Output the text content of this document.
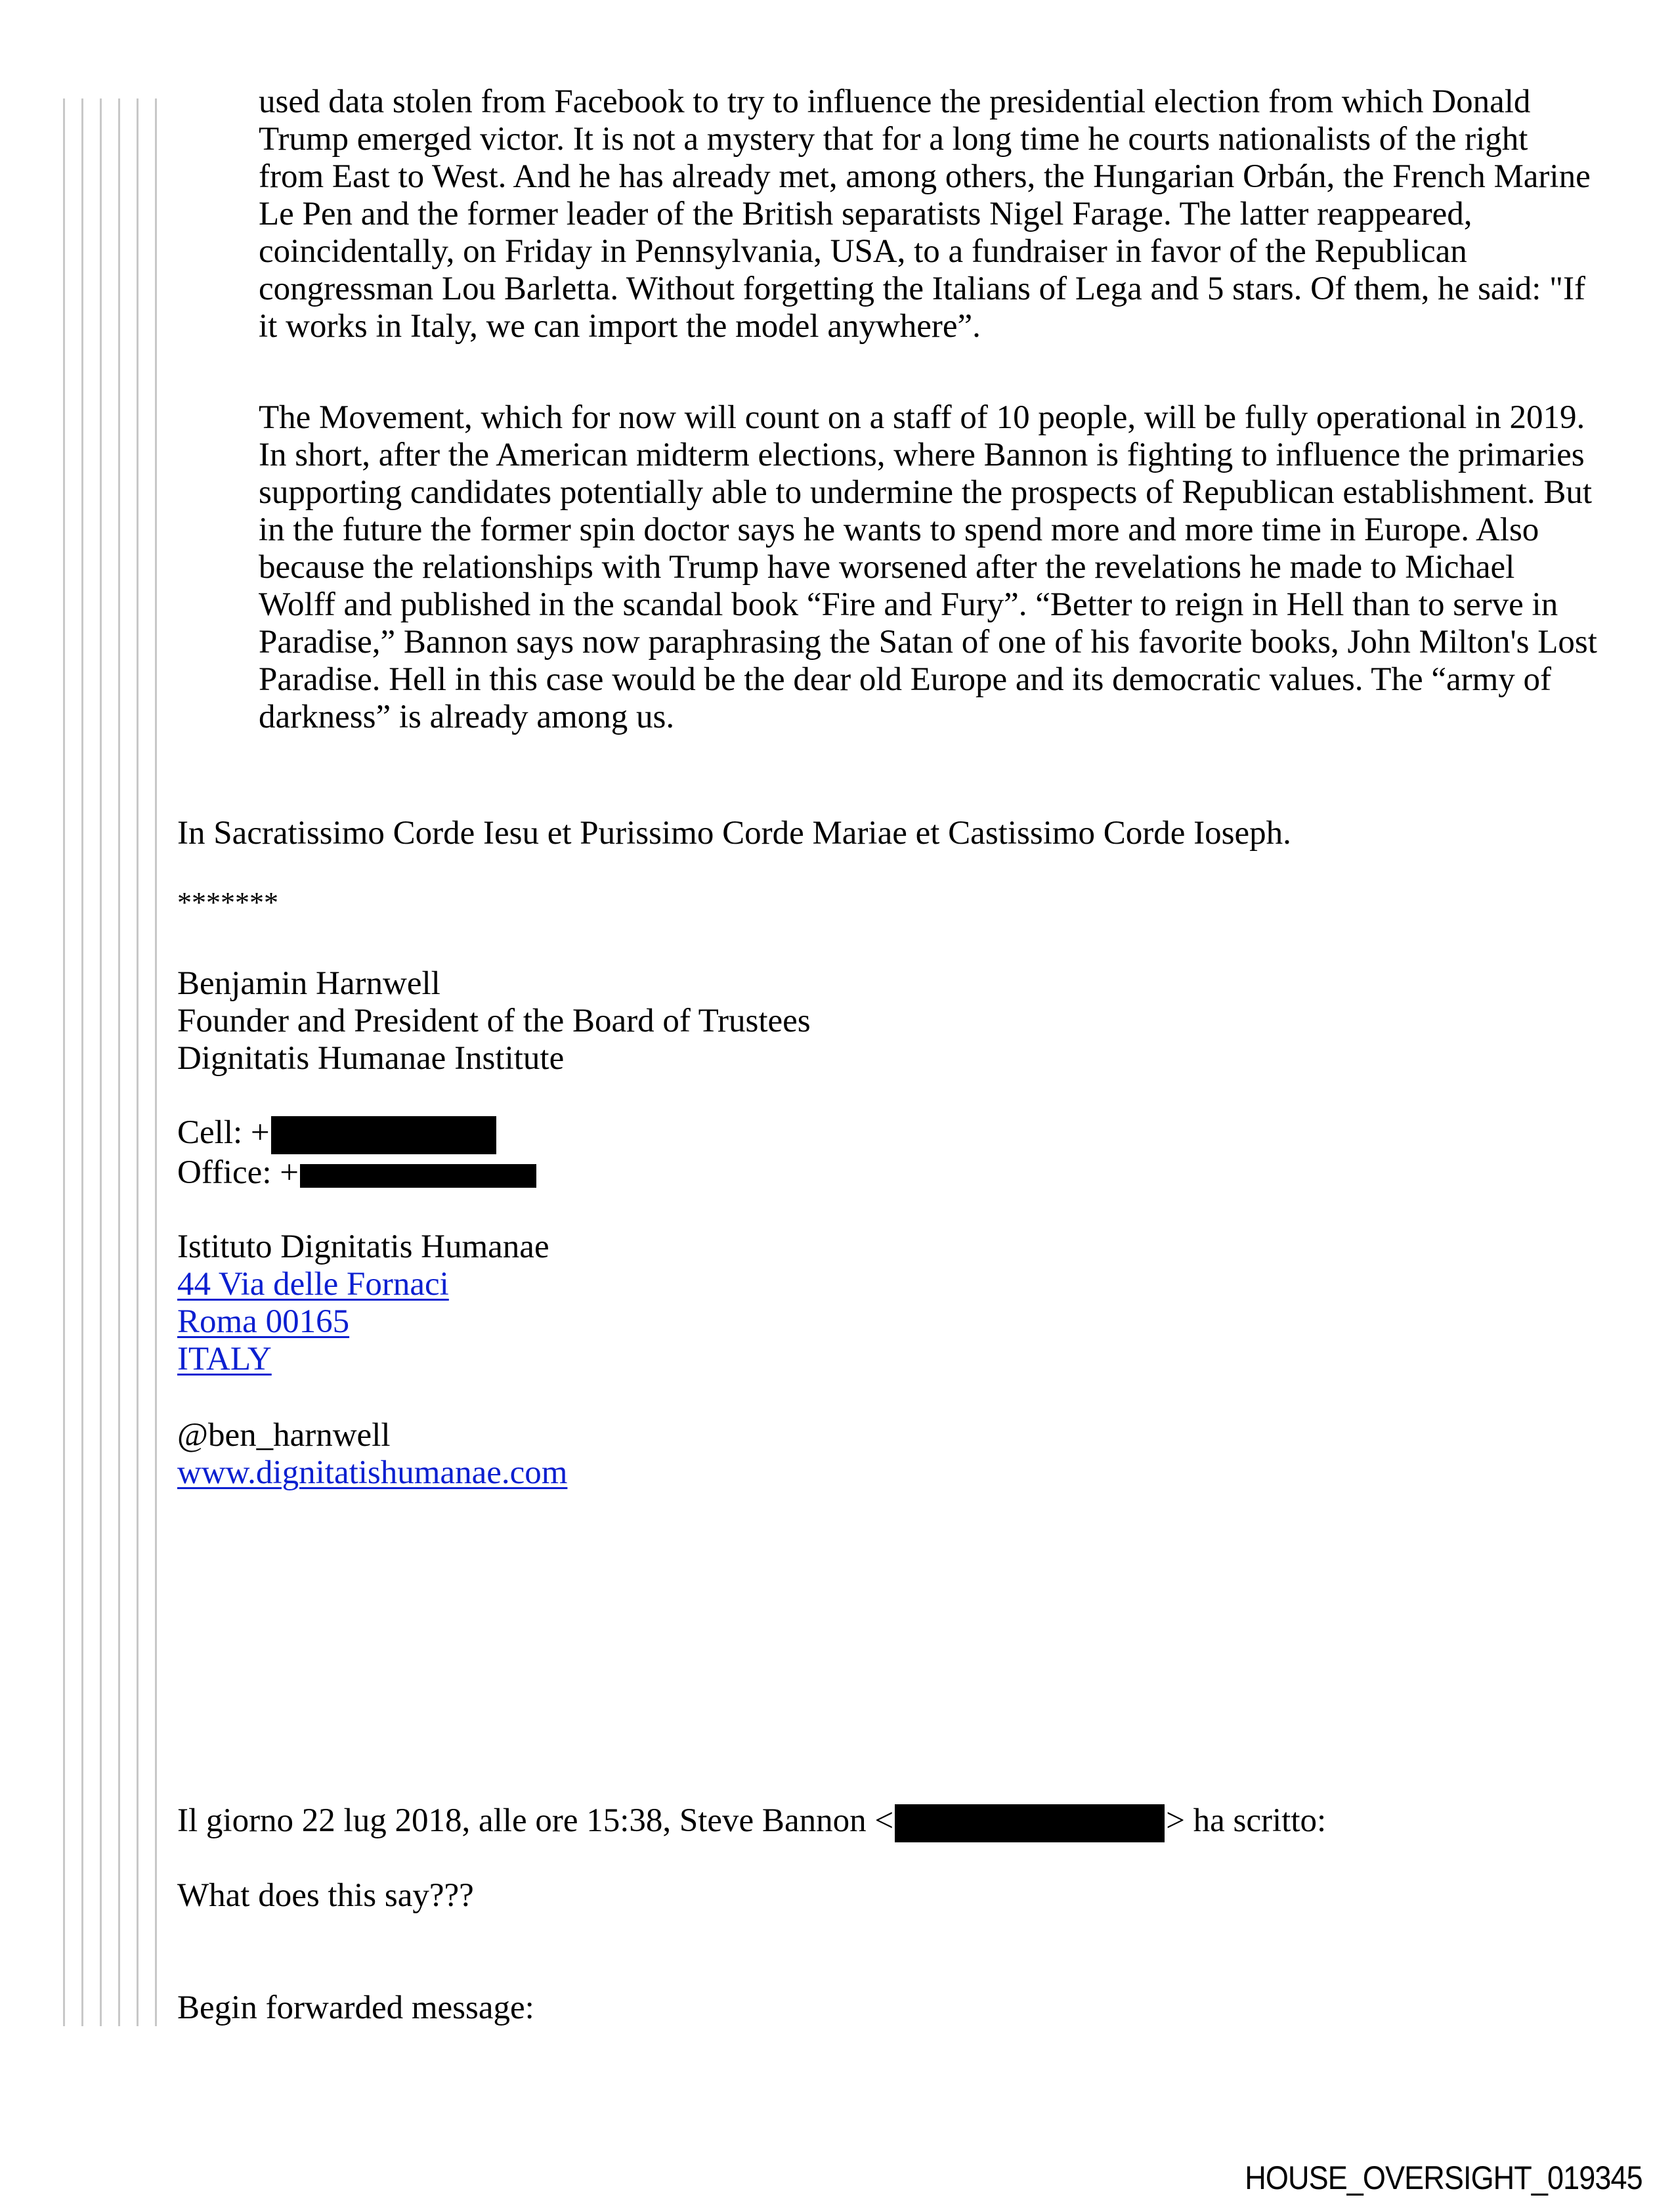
used data stolen from Facebook to try to influence the presidential election from which Donald
Trump emerged victor. It is not a mystery that for a long time he courts nationalists of the right
from East to West. And he has already met, among others, the Hungarian Orbán, the French Marine
Le Pen and the former leader of the British separatists Nigel Farage. The latter reappeared,
coincidentally, on Friday in Pennsylvania, USA, to a fundraiser in favor of the Republican
congressman Lou Barletta. Without forgetting the Italians of Lega and 5 stars. Of them, he said: "If
it works in Italy, we can import the model anywhere”.
The Movement, which for now will count on a staff of 10 people, will be fully operational in 2019.
In short, after the American midterm elections, where Bannon is fighting to influence the primaries
supporting candidates potentially able to undermine the prospects of Republican establishment. But
in the future the former spin doctor says he wants to spend more and more time in Europe. Also
because the relationships with Trump have worsened after the revelations he made to Michael
Wolff and published in the scandal book “Fire and Fury”. “Better to reign in Hell than to serve in
Paradise,” Bannon says now paraphrasing the Satan of one of his favorite books, John Milton's Lost
Paradise. Hell in this case would be the dear old Europe and its democratic values. The “army of
darkness” is already among us.
In Sacratissimo Corde Iesu et Purissimo Corde Mariae et Castissimo Corde Ioseph.
*******
Benjamin Harnwell
Founder and President of the Board of Trustees
Dignitatis Humanae Institute
Cell: +
Office: +
Istituto Dignitatis Humanae
44 Via delle Fornaci
Roma 00165
ITALY
@ben_harnwell
www.dignitatishumanae.com
Il giorno 22 lug 2018, alle ore 15:38, Steve Bannon <	> ha scritto:
What does this say???
Begin forwarded message:
HOUSE_OVERSIGHT_019345
